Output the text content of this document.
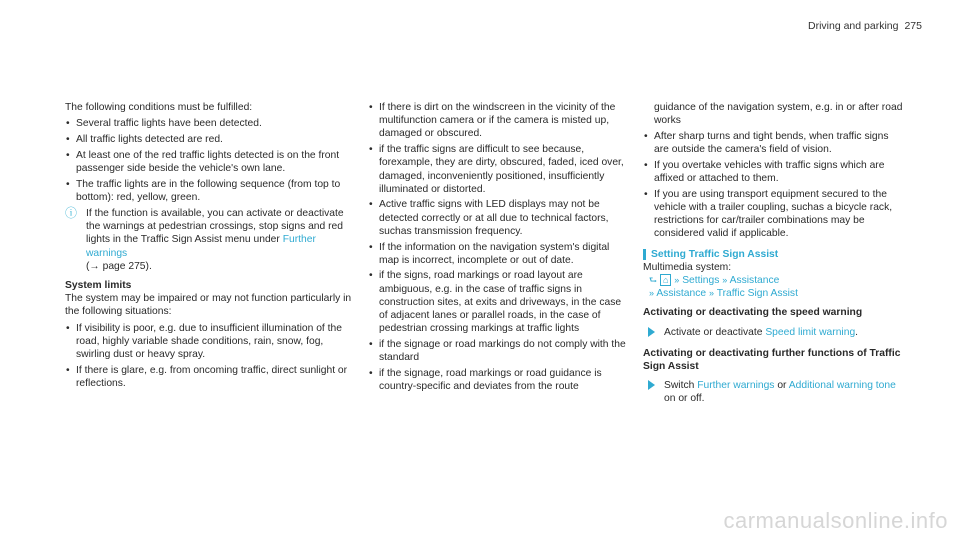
Driving and parking 275

The following conditions must be fulfilled:

• Several traffic lights have been detected.
• All traffic lights detected are red.
• At least one of the red traffic lights detected is on the front passenger side beside the vehicle's own lane.
• The traffic lights are in the following sequence (from top to bottom): red, yellow, green.
ⓘ If the function is available, you can activate or deactivate the warnings at pedestrian crossings, stop signs and red lights in the Traffic Sign Assist menu under Further warnings
(→ page 275).

System limits

The system may be impaired or may not function particularly in the following situations:

• If visibility is poor, e.g. due to insufficient illumination of the road, highly variable shade conditions, rain, snow, fog, swirling dust or heavy spray.
• If there is glare, e.g. from oncoming traffic, direct sunlight or reflections.
• If there is dirt on the windscreen in the vicinity of the multifunction camera or if the camera is misted up, damaged or obscured.
• if the traffic signs are difficult to see because, forexample, they are dirty, obscured, faded, iced over, damaged, inconveniently positioned, insufficiently illuminated or distorted.
• Active traffic signs with LED displays may not be detected correctly or at all due to technical factors, suchas transmission frequency.
• If the information on the navigation system's digital map is incorrect, incomplete or out of date.
• if the signs, road markings or road layout are ambiguous, e.g. in the case of traffic signs in construction sites, at exits and driveways, in the case of adjacent lanes or parallel roads, in the case of pedestrian crossing markings at traffic lights
• if the signage or road markings do not comply with the standard
• if the signage, road markings or road guidance is country-specific and deviates from the route

guidance of the navigation system, e.g. in or after road works

• After sharp turns and tight bends, when traffic signs are outside the camera's field of vision.
• If you overtake vehicles with traffic signs which are affixed or attached to them.
• If you are using transport equipment secured to the vehicle with a trailer coupling, suchas a bicycle rack, restrictions for car/trailer combinations may be considered valid if applicable.

Setting Traffic Sign Assist

Multimedia system:

⮑ ⌂ » Settings » Assistance

» Assistance » Traffic Sign Assist

Activating or deactivating the speed warning

Activate or deactivate Speed limit warning.

Activating or deactivating further functions of Traffic Sign Assist

Switch Further warnings or Additional warning tone on or off.
carmanualsonline.info
